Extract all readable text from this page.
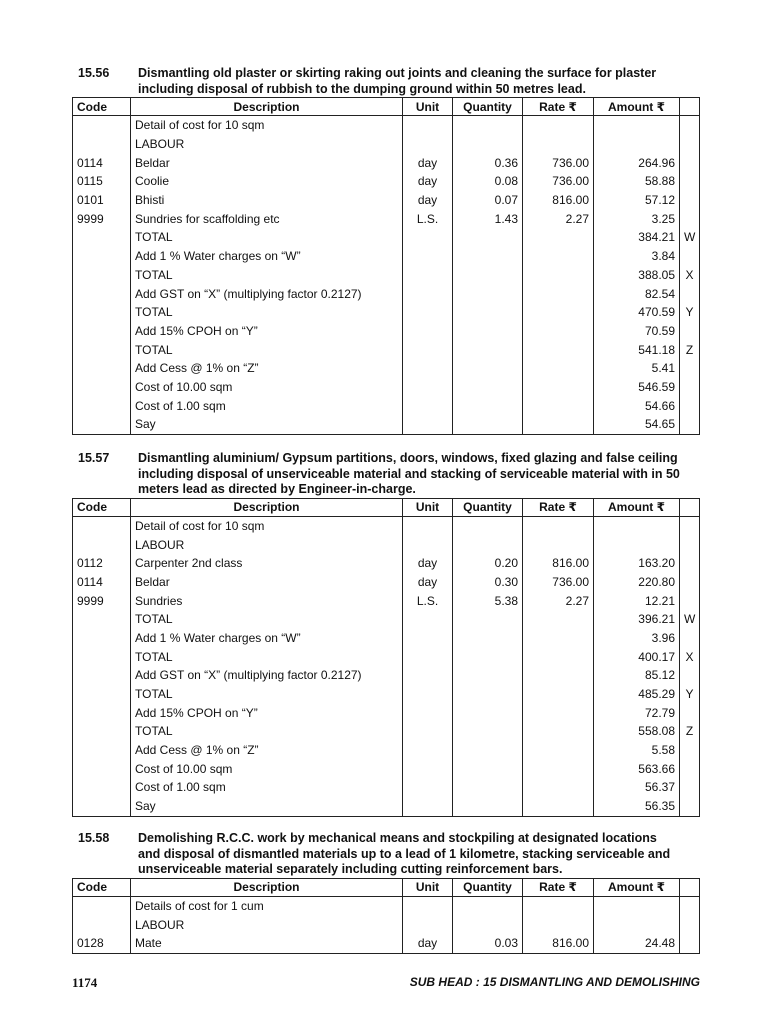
15.56 Dismantling old plaster or skirting raking out joints and cleaning the surface for plaster
including disposal of rubbish to the dumping ground within 50 metres lead.
Code	Description	Unit	Quantity	Rate ₹	Amount ₹	
	Detail of cost for 10 sqm					
	LABOUR					
0114	Beldar	day	0.36	736.00	264.96	
0115	Coolie	day	0.08	736.00	58.88	
0101	Bhisti	day	0.07	816.00	57.12	
9999	Sundries for scaffolding etc	L.S.	1.43	2.27	3.25	
	TOTAL				384.21	W
	Add 1 % Water charges on “W”				3.84	
	TOTAL				388.05	X
	Add GST on “X” (multiplying factor 0.2127)				82.54	
	TOTAL				470.59	Y
	Add 15% CPOH on “Y”				70.59	
	TOTAL				541.18	Z
	Add Cess @ 1% on “Z”				5.41	
	Cost of 10.00 sqm				546.59	
	Cost of 1.00 sqm				54.66	
	Say				54.65	
15.57 Dismantling aluminium/ Gypsum partitions, doors, windows, fixed glazing and false ceiling
including disposal of unserviceable material and stacking of serviceable material with in 50
meters lead as directed by Engineer-in-charge.
Code	Description	Unit	Quantity	Rate ₹	Amount ₹	
	Detail of cost for 10 sqm					
	LABOUR					
0112	Carpenter 2nd class	day	0.20	816.00	163.20	
0114	Beldar	day	0.30	736.00	220.80	
9999	Sundries	L.S.	5.38	2.27	12.21	
	TOTAL				396.21	W
	Add 1 % Water charges on “W”				3.96	
	TOTAL				400.17	X
	Add GST on “X” (multiplying factor 0.2127)				85.12	
	TOTAL				485.29	Y
	Add 15% CPOH on “Y”				72.79	
	TOTAL				558.08	Z
	Add Cess @ 1% on “Z”				5.58	
	Cost of 10.00 sqm				563.66	
	Cost of 1.00 sqm				56.37	
	Say				56.35	
15.58 Demolishing R.C.C. work by mechanical means and stockpiling at designated locations
and disposal of dismantled materials up to a lead of 1 kilometre, stacking serviceable and
unserviceable material separately including cutting reinforcement bars.
Code	Description	Unit	Quantity	Rate ₹	Amount ₹	
	Details of cost for 1 cum					
	LABOUR					
0128	Mate	day	0.03	816.00	24.48	
1174	SUB HEAD : 15 DISMANTLING AND DEMOLISHING
